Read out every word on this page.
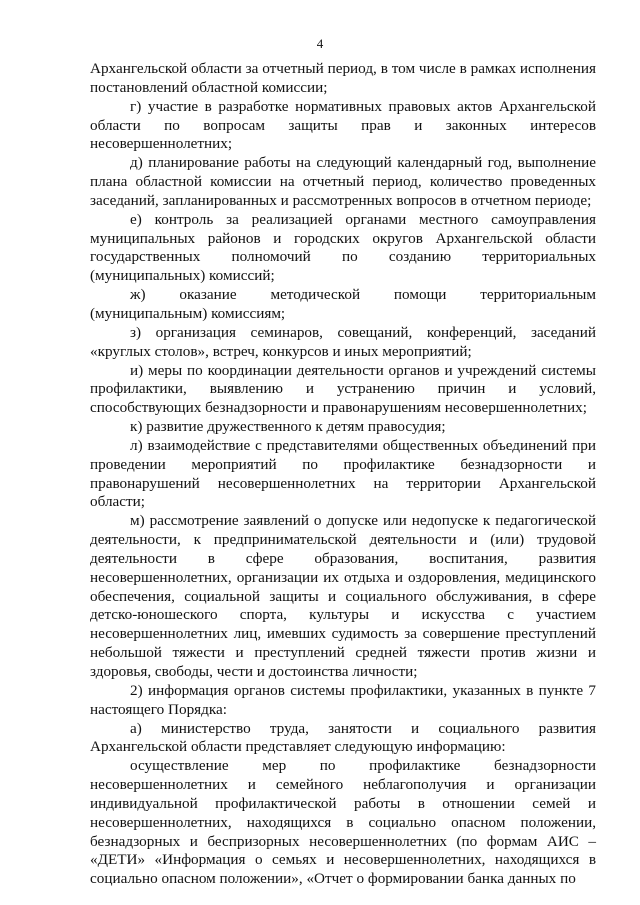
4

Архангельской области за отчетный период, в том числе в рамках исполнения постановлений областной комиссии;

г) участие в разработке нормативных правовых актов Архангельской области по вопросам защиты прав и законных интересов несовершеннолетних;

д) планирование работы на следующий календарный год, выполнение плана областной комиссии на отчетный период, количество проведенных заседаний, запланированных и рассмотренных вопросов в отчетном периоде;

е) контроль за реализацией органами местного самоуправления муниципальных районов и городских округов Архангельской области государственных полномочий по созданию территориальных (муниципальных) комиссий;

ж) оказание методической помощи территориальным (муниципальным) комиссиям;

з) организация семинаров, совещаний, конференций, заседаний «круглых столов», встреч, конкурсов и иных мероприятий;

и) меры по координации деятельности органов и учреждений системы профилактики, выявлению и устранению причин и условий, способствующих безнадзорности и правонарушениям несовершеннолетних;

к) развитие дружественного к детям правосудия;

л) взаимодействие с представителями общественных объединений при проведении мероприятий по профилактике безнадзорности и правонарушений несовершеннолетних на территории Архангельской области;

м) рассмотрение заявлений о допуске или недопуске к педагогической деятельности, к предпринимательской деятельности и (или) трудовой деятельности в сфере образования, воспитания, развития несовершеннолетних, организации их отдыха и оздоровления, медицинского обеспечения, социальной защиты и социального обслуживания, в сфере детско-юношеского спорта, культуры и искусства с участием несовершеннолетних лиц, имевших судимость за совершение преступлений небольшой тяжести и преступлений средней тяжести против жизни и здоровья, свободы, чести и достоинства личности;

2) информация органов системы профилактики, указанных в пункте 7 настоящего Порядка:

а) министерство труда, занятости и социального развития Архангельской области представляет следующую информацию:

осуществление мер по профилактике безнадзорности несовершеннолетних и семейного неблагополучия и организации индивидуальной профилактической работы в отношении семей и несовершеннолетних, находящихся в социально опасном положении, безнадзорных и беспризорных несовершеннолетних (по формам АИС – «ДЕТИ» «Информация о семьях и несовершеннолетних, находящихся в социально опасном положении», «Отчет о формировании банка данных по
